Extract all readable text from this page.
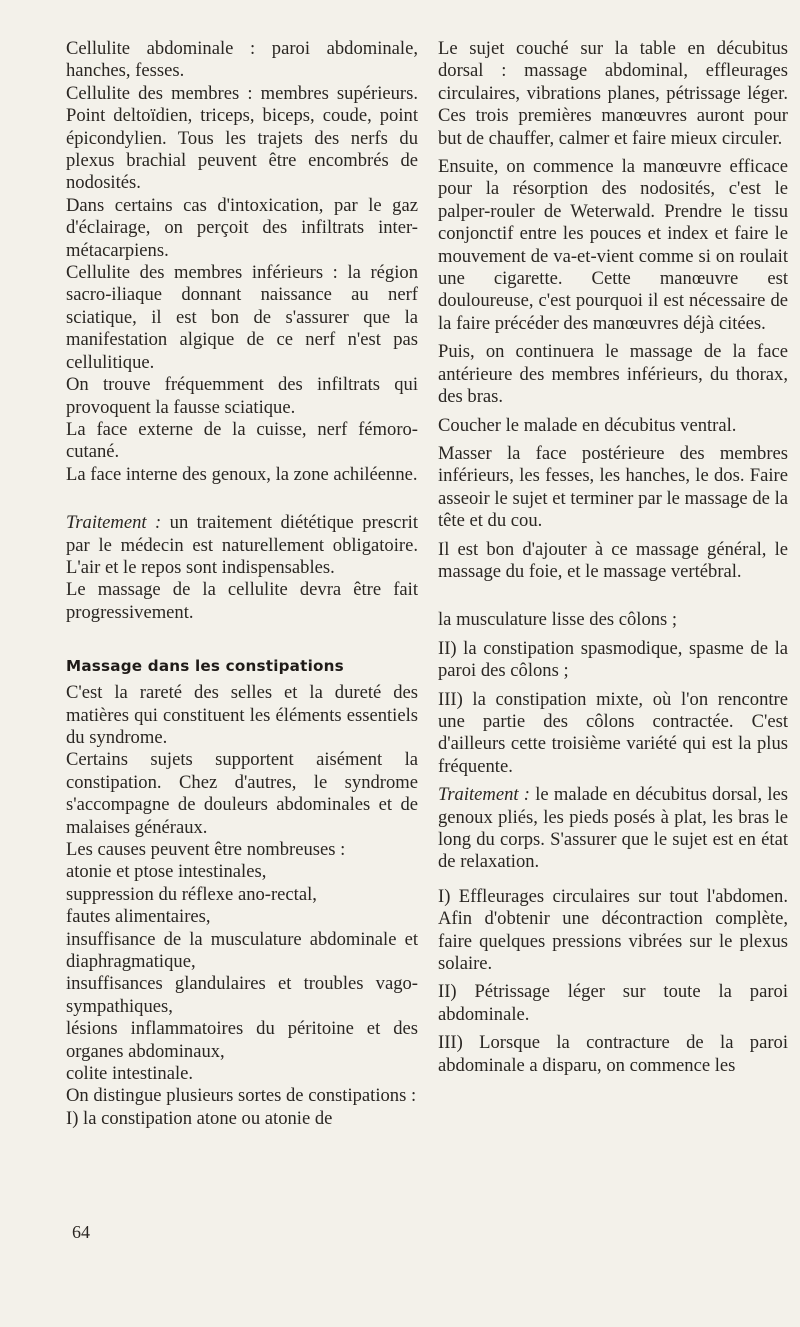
Cellulite abdominale : paroi abdominale, hanches, fesses.

Cellulite des membres : membres supérieurs. Point deltoïdien, triceps, biceps, coude, point épicondylien. Tous les trajets des nerfs du plexus brachial peuvent être encombrés de nodosités.

Dans certains cas d'intoxication, par le gaz d'éclairage, on perçoit des infiltrats inter-métacarpiens.

Cellulite des membres inférieurs : la région sacro-iliaque donnant naissance au nerf sciatique, il est bon de s'assurer que la manifestation algique de ce nerf n'est pas cellulitique.

On trouve fréquemment des infiltrats qui provoquent la fausse sciatique.

La face externe de la cuisse, nerf fémoro-cutané.

La face interne des genoux, la zone achiléenne.

Traitement : un traitement diététique prescrit par le médecin est naturellement obligatoire. L'air et le repos sont indispensables.

Le massage de la cellulite devra être fait progressivement.

Massage dans les constipations

C'est la rareté des selles et la dureté des matières qui constituent les éléments essentiels du syndrome.

Certains sujets supportent aisément la constipation. Chez d'autres, le syndrome s'accompagne de douleurs abdominales et de malaises généraux.

Les causes peuvent être nombreuses :

atonie et ptose intestinales,

suppression du réflexe ano-rectal,

fautes alimentaires,

insuffisance de la musculature abdominale et diaphragmatique,

insuffisances glandulaires et troubles vago-sympathiques,

lésions inflammatoires du péritoine et des organes abdominaux,

colite intestinale.

On distingue plusieurs sortes de constipations :

I) la constipation atone ou atonie de

Le sujet couché sur la table en décubitus dorsal : massage abdominal, effleurages circulaires, vibrations planes, pétrissage léger. Ces trois premières manœuvres auront pour but de chauffer, calmer et faire mieux circuler.

Ensuite, on commence la manœuvre efficace pour la résorption des nodosités, c'est le palper-rouler de Weterwald. Prendre le tissu conjonctif entre les pouces et index et faire le mouvement de va-et-vient comme si on roulait une cigarette. Cette manœuvre est douloureuse, c'est pourquoi il est nécessaire de la faire précéder des manœuvres déjà citées.

Puis, on continuera le massage de la face antérieure des membres inférieurs, du thorax, des bras.

Coucher le malade en décubitus ventral.

Masser la face postérieure des membres inférieurs, les fesses, les hanches, le dos. Faire asseoir le sujet et terminer par le massage de la tête et du cou.

Il est bon d'ajouter à ce massage général, le massage du foie, et le massage vertébral.

la musculature lisse des côlons ;

II) la constipation spasmodique, spasme de la paroi des côlons ;

III) la constipation mixte, où l'on rencontre une partie des côlons contractée. C'est d'ailleurs cette troisième variété qui est la plus fréquente.

Traitement : le malade en décubitus dorsal, les genoux pliés, les pieds posés à plat, les bras le long du corps. S'assurer que le sujet est en état de relaxation.

I) Effleurages circulaires sur tout l'abdomen. Afin d'obtenir une décontraction complète, faire quelques pressions vibrées sur le plexus solaire.

II) Pétrissage léger sur toute la paroi abdominale.

III) Lorsque la contracture de la paroi abdominale a disparu, on commence les

64
